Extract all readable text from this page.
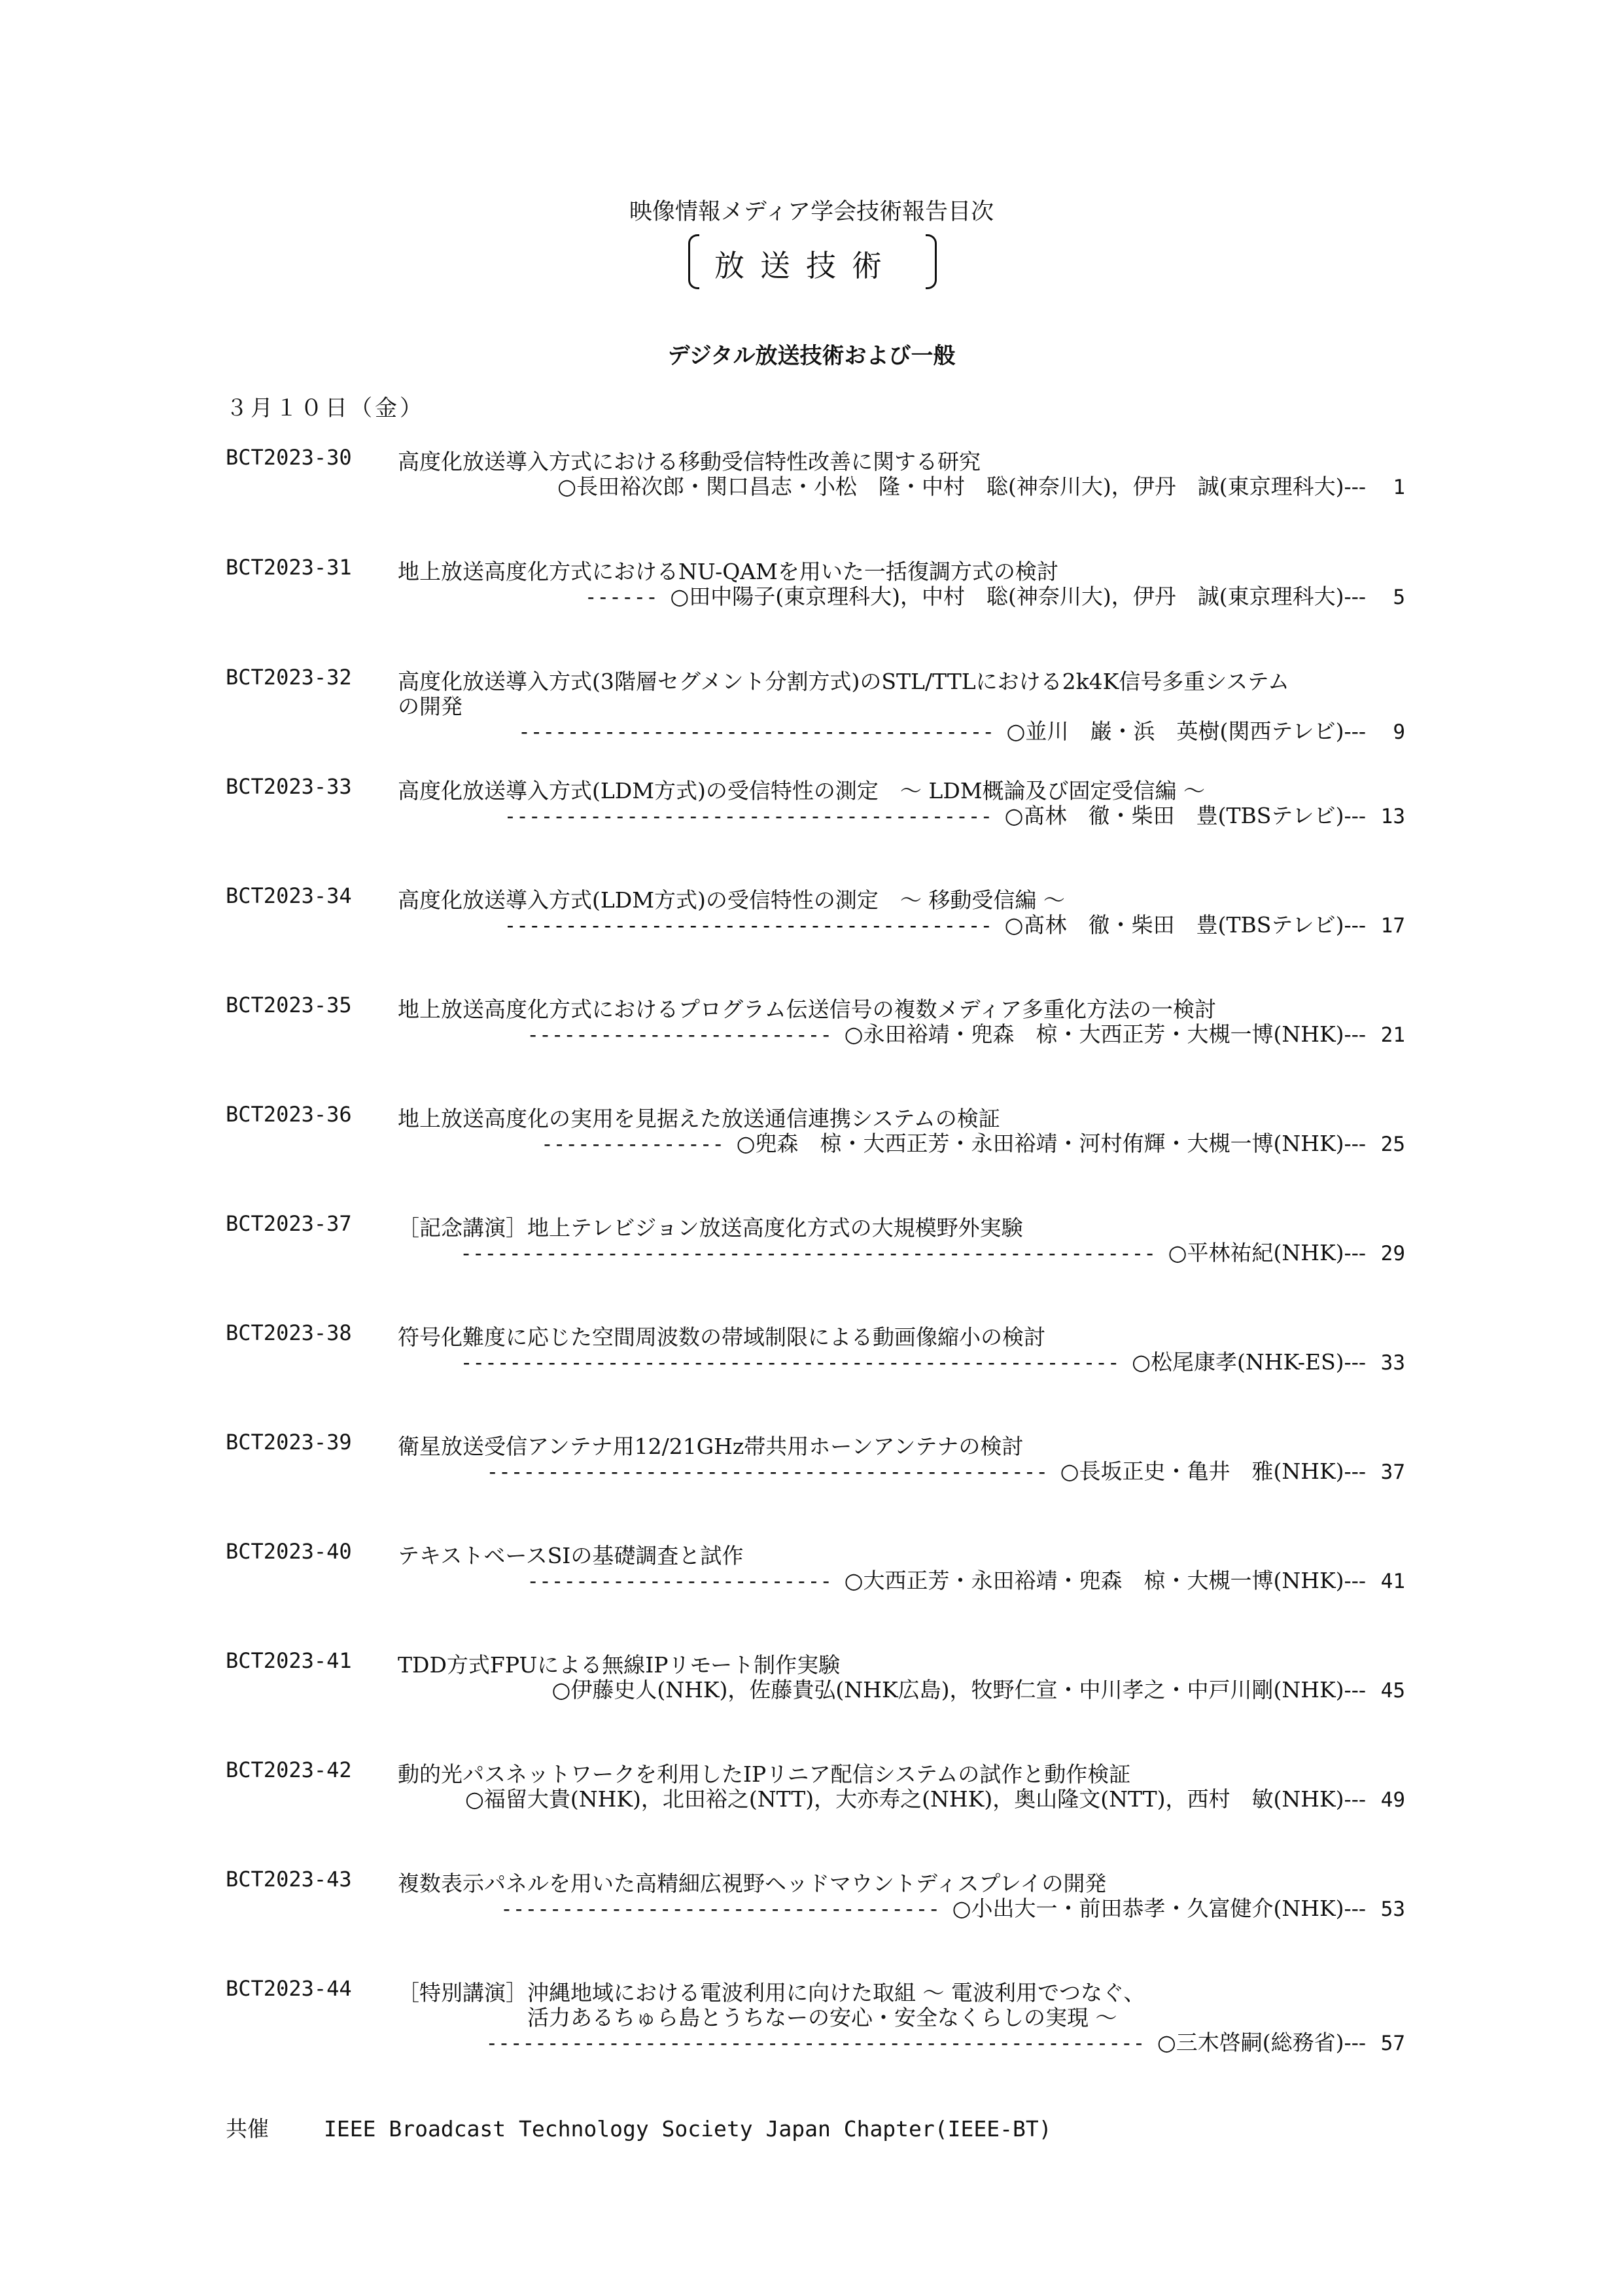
映像情報メディア学会技術報告目次
放送技術
デジタル放送技術および一般
３月１０日（金）
BCT2023-30 高度化放送導入方式における移動受信特性改善に関する研究
○長田裕次郎・関口昌志・小松　隆・中村　聡(神奈川大)，伊丹　誠(東京理科大)--- 1
BCT2023-31 地上放送高度化方式におけるNU-QAMを用いた一括復調方式の検討
------ ○田中陽子(東京理科大)，中村　聡(神奈川大)，伊丹　誠(東京理科大)--- 5
BCT2023-32 高度化放送導入方式(3階層セグメント分割方式)のSTL/TTLにおける2k4K信号多重システム
の開発
--------------------------------------- ○並川　巌・浜　英樹(関西テレビ)--- 9
BCT2023-33 高度化放送導入方式(LDM方式)の受信特性の測定　～ LDM概論及び固定受信編 ～
---------------------------------------- ○髙林　徹・柴田　豊(TBSテレビ)--- 13
BCT2023-34 高度化放送導入方式(LDM方式)の受信特性の測定　～ 移動受信編 ～
---------------------------------------- ○髙林　徹・柴田　豊(TBSテレビ)--- 17
BCT2023-35 地上放送高度化方式におけるプログラム伝送信号の複数メディア多重化方法の一検討
------------------------- ○永田裕靖・兜森　椋・大西正芳・大槻一博(NHK)--- 21
BCT2023-36 地上放送高度化の実用を見据えた放送通信連携システムの検証
--------------- ○兜森　椋・大西正芳・永田裕靖・河村侑輝・大槻一博(NHK)--- 25
BCT2023-37 ［記念講演］地上テレビジョン放送高度化方式の大規模野外実験
--------------------------------------------------------- ○平林祐紀(NHK)--- 29
BCT2023-38 符号化難度に応じた空間周波数の帯域制限による動画像縮小の検討
------------------------------------------------------ ○松尾康孝(NHK-ES)--- 33
BCT2023-39 衛星放送受信アンテナ用12/21GHz帯共用ホーンアンテナの検討
---------------------------------------------- ○長坂正史・亀井　雅(NHK)--- 37
BCT2023-40 テキストベースSIの基礎調査と試作
------------------------- ○大西正芳・永田裕靖・兜森　椋・大槻一博(NHK)--- 41
BCT2023-41 TDD方式FPUによる無線IPリモート制作実験
○伊藤史人(NHK)，佐藤貴弘(NHK広島)，牧野仁宣・中川孝之・中戸川剛(NHK)--- 45
BCT2023-42 動的光パスネットワークを利用したIPリニア配信システムの試作と動作検証
○福留大貴(NHK)，北田裕之(NTT)，大亦寿之(NHK)，奥山隆文(NTT)，西村　敏(NHK)--- 49
BCT2023-43 複数表示パネルを用いた高精細広視野ヘッドマウントディスプレイの開発
------------------------------------ ○小出大一・前田恭孝・久富健介(NHK)--- 53
BCT2023-44 ［特別講演］沖縄地域における電波利用に向けた取組 ～ 電波利用でつなぐ、
　　　　　　活力あるちゅら島とうちなーの安心・安全なくらしの実現 ～
------------------------------------------------------ ○三木啓嗣(総務省)--- 57
共催	IEEE Broadcast Technology Society Japan Chapter(IEEE-BT)
